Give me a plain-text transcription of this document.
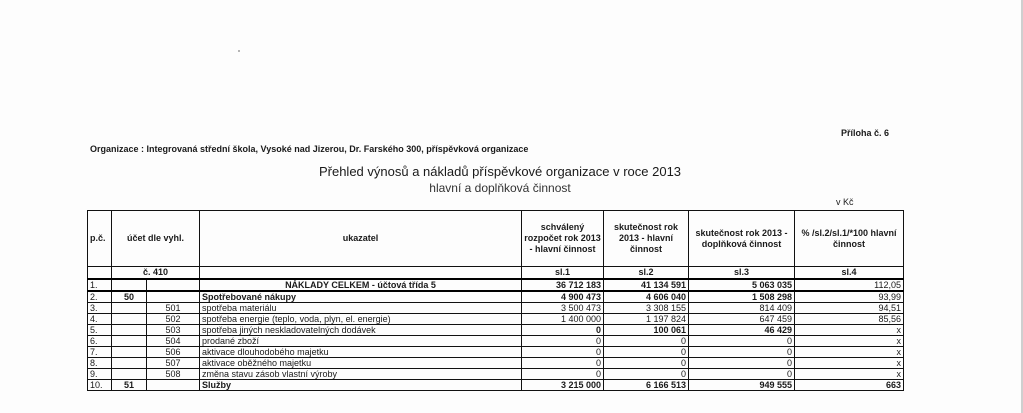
Příloha č. 6
Organizace : Integrovaná střední škola, Vysoké nad Jizerou, Dr. Farského 300, příspěvková organizace
Přehled výnosů a nákladů příspěvkové organizace v roce 2013
hlavní a doplňková činnost
v Kč
p.č.	účet dle vyhl.		ukazatel	schválený rozpočet rok 2013 - hlavní činnost	skutečnost rok 2013 - hlavní činnost	skutečnost rok 2013 - doplňková činnost	% /sl.2/sl.1/*100 hlavní činnost
	č. 410			sl.1	sl.2	sl.3	sl.4
1.			NÁKLADY CELKEM - účtová třída 5	36 712 183	41 134 591	5 063 035	112,05
2.	50		Spotřebované nákupy	4 900 473	4 606 040	1 508 298	93,99
3.		501	spotřeba materiálu	3 500 473	3 308 155	814 409	94,51
4.		502	spotřeba energie (teplo, voda, plyn, el. energie)	1 400 000	1 197 824	647 459	85,56
5.		503	spotřeba jiných neskladovatelných dodávek	0	100 061	46 429	x
6.		504	prodané zboží	0	0	0	x
7.		506	aktivace dlouhodobého majetku	0	0	0	x
8.		507	aktivace oběžného majetku	0	0	0	x
9.		508	změna stavu zásob vlastní výroby	0	0	0	x
10.	51		Služby	3 215 000	6 166 513	949 555	663
